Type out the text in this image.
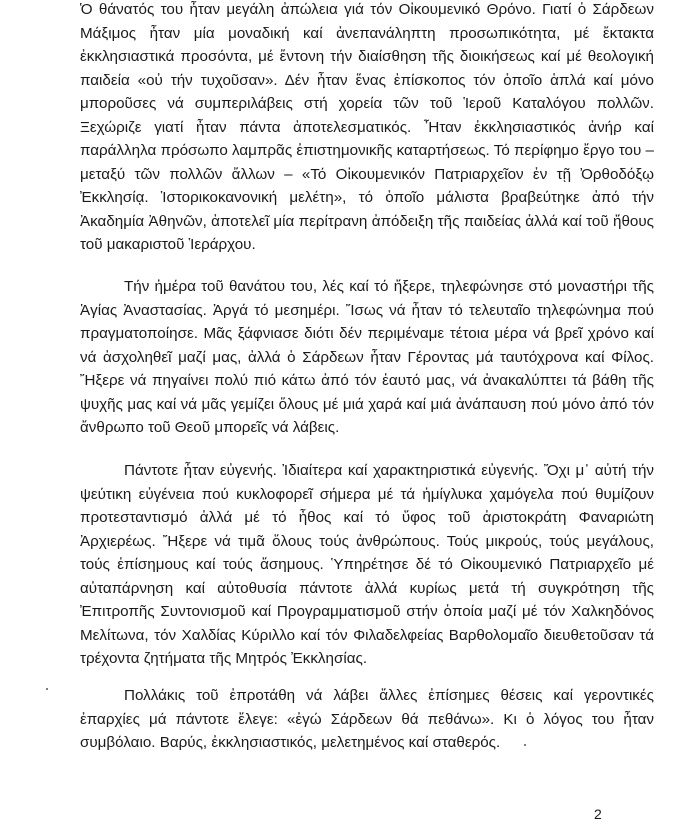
Ὁ θάνατός του ἦταν μεγάλη ἀπώλεια γιά τόν Οἰκουμενικό Θρόνο. Γιατί ὁ Σάρδεων Μάξιμος ἦταν μία μοναδική καί ἀνεπανάληπτη προσωπικότητα, μέ ἔκτακτα ἐκκλησιαστικά προσόντα, μέ ἔντονη τήν διαίσθηση τῆς διοικήσεως καί μέ θεολογική παιδεία «οὐ τήν τυχοῦσαν». Δέν ἦταν ἕνας ἐπίσκοπος τόν ὁποῖο ἁπλά καί μόνο μποροῦσες νά συμπεριλάβεις στή χορεία τῶν τοῦ Ἱεροῦ Καταλόγου πολλῶν. Ξεχώριζε γιατί ἦταν πάντα ἀποτελεσματικός. Ἦταν ἐκκλησιαστικός ἀνήρ καί παράλληλα πρόσωπο λαμπρᾶς ἐπιστημονικῆς καταρτήσεως. Τό περίφημο ἔργο του – μεταξύ τῶν πολλῶν ἄλλων – «Τό Οἰκουμενικόν Πατριαρχεῖον ἐν τῇ Ὀρθοδόξῳ Ἐκκλησίᾳ. Ἱστορικοκανονική μελέτη», τό ὁποῖο μάλιστα βραβεύτηκε ἀπό τήν Ἀκαδημία Ἀθηνῶν, ἀποτελεῖ μία περίτρανη ἀπόδειξη τῆς παιδείας ἀλλά καί τοῦ ἤθους τοῦ μακαριστοῦ Ἱεράρχου.

Τήν ἡμέρα τοῦ θανάτου του, λές καί τό ἤξερε, τηλεφώνησε στό μοναστήρι τῆς Ἁγίας Ἀναστασίας. Ἀργά τό μεσημέρι. Ἴσως νά ἦταν τό τελευταῖο τηλεφώνημα πού πραγματοποίησε. Μᾶς ξάφνιασε διότι δέν περιμέναμε τέτοια μέρα νά βρεῖ χρόνο καί νά ἀσχοληθεῖ μαζί μας, ἀλλά ὁ Σάρδεων ἦταν Γέροντας μά ταυτόχρονα καί Φίλος. Ἤξερε νά πηγαίνει πολύ πιό κάτω ἀπό τόν ἑαυτό μας, νά ἀνακαλύπτει τά βάθη τῆς ψυχῆς μας καί νά μᾶς γεμίζει ὅλους μέ μιά χαρά καί μιά ἀνάπαυση πού μόνο ἀπό τόν ἄνθρωπο τοῦ Θεοῦ μπορεῖς νά λάβεις.

Πάντοτε ἦταν εὐγενής. Ἰδιαίτερα καί χαρακτηριστικά εὐγενής. Ὄχι μ᾽ αὐτή τήν ψεύτικη εὐγένεια πού κυκλοφορεῖ σήμερα μέ τά ἡμίγλυκα χαμόγελα πού θυμίζουν προτεσταντισμό ἀλλά μέ τό ἦθος καί τό ὕφος τοῦ ἀριστοκράτη Φαναριώτη Ἀρχιερέως. Ἤξερε νά τιμᾶ ὅλους τούς ἀνθρώπους. Τούς μικρούς, τούς μεγάλους, τούς ἐπίσημους καί τούς ἄσημους. Ὑπηρέτησε δέ τό Οἰκουμενικό Πατριαρχεῖο μέ αὐταπάρνηση καί αὐτοθυσία πάντοτε ἀλλά κυρίως μετά τή συγκρότηση τῆς Ἐπιτροπῆς Συντονισμοῦ καί Προγραμματισμοῦ στήν ὁποία μαζί μέ τόν Χαλκηδόνος Μελίτωνα, τόν Χαλδίας Κύριλλο καί τόν Φιλαδελφείας Βαρθολομαῖο διευθετοῦσαν τά τρέχοντα ζητήματα τῆς Μητρός Ἐκκλησίας.

Πολλάκις τοῦ ἐπροτάθη νά λάβει ἄλλες ἐπίσημες θέσεις καί γεροντικές ἐπαρχίες μά πάντοτε ἔλεγε: «ἐγώ Σάρδεων θά πεθάνω». Κι ὁ λόγος του ἦταν συμβόλαιο. Βαρύς, ἐκκλησιαστικός, μελετημένος καί σταθερός.

2
